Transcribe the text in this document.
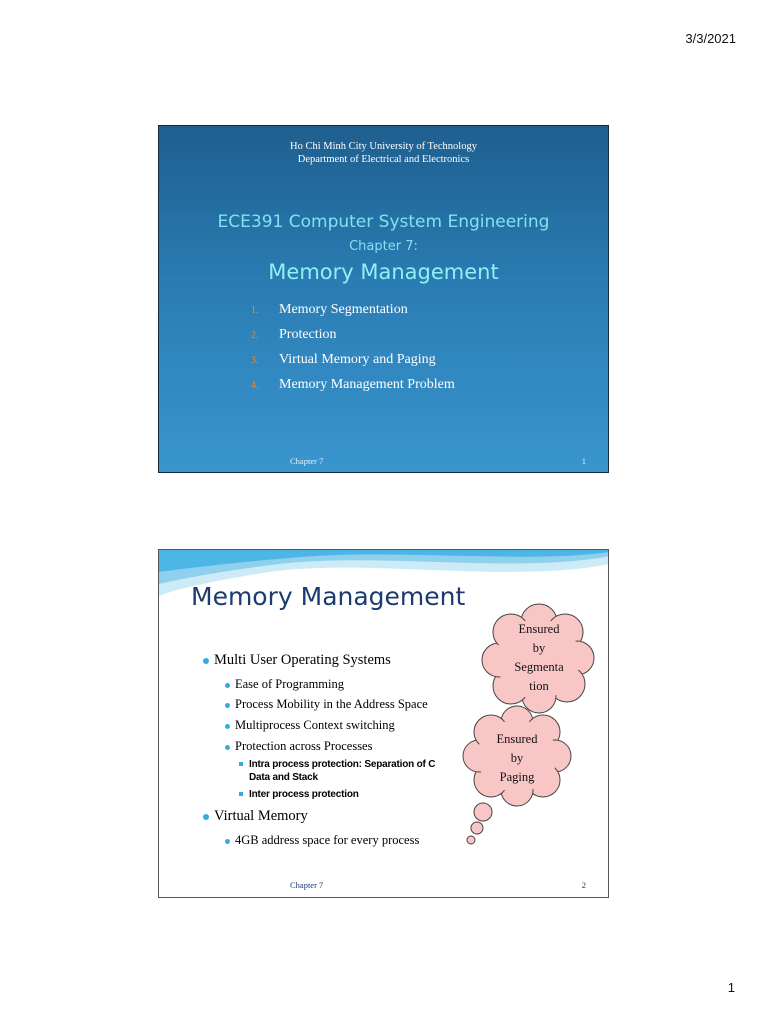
3/3/2021
Ho Chi Minh City University of Technology
Department of Electrical and Electronics
ECE391 Computer System Engineering
Chapter 7:
Memory Management
1. Memory Segmentation
2. Protection
3. Virtual Memory and Paging
4. Memory Management Problem
Chapter 7	1
Memory Management
Multi User Operating Systems
Ease of Programming
Process Mobility in the Address Space
Multiprocess Context switching
Protection across Processes
Intra process protection: Separation of C
Data and Stack
Inter process protection
Virtual Memory
4GB address space for every process
Ensured
by
Segmenta
tion
Ensured
by
Paging
Chapter 7	2
1
